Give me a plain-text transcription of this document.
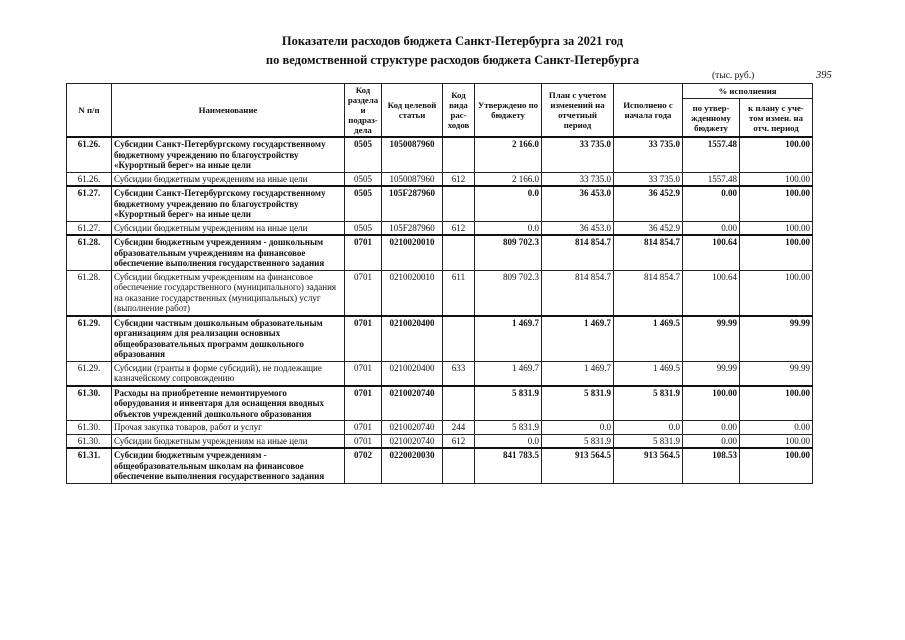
Показатели расходов бюджета Санкт-Петербурга за 2021 год
по ведомственной структуре расходов бюджета Санкт-Петербурга
(тыс. руб.)	395
N п/п	Наименование	Код раздела и подраз-дела	Код целевой статьи	Код вида рас-ходов	Утверждено по бюджету	План с учетом изменений на отчетный период	Исполнено с начала года	% исполнения	
								по утвер-жденному бюджету	к плану с уче-том измен. на отч. период
61.26.	Субсидии Санкт-Петербургскому государственному бюджетному учреждению по благоустройству «Курортный берег» на иные цели	0505	1050087960		2 166.0	33 735.0	33 735.0	1557.48	100.00
61.26.	Субсидии бюджетным учреждениям на иные цели	0505	1050087960	612	2 166.0	33 735.0	33 735.0	1557.48	100.00
61.27.	Субсидии Санкт-Петербургскому государственному бюджетному учреждению по благоустройству «Курортный берег» на иные цели	0505	105F287960		0.0	36 453.0	36 452.9	0.00	100.00
61.27.	Субсидии бюджетным учреждениям на иные цели	0505	105F287960	612	0.0	36 453.0	36 452.9	0.00	100.00
61.28.	Субсидии бюджетным учреждениям - дошкольным образовательным учреждениям на финансовое обеспечение выполнения государственного задания	0701	0210020010		809 702.3	814 854.7	814 854.7	100.64	100.00
61.28.	Субсидии бюджетным учреждениям на финансовое обеспечение государственного (муниципального) задания на оказание государственных (муниципальных) услуг (выполнение работ)	0701	0210020010	611	809 702.3	814 854.7	814 854.7	100.64	100.00
61.29.	Субсидии частным дошкольным образовательным организациям для реализации основных общеобразовательных программ дошкольного образования	0701	0210020400		1 469.7	1 469.7	1 469.5	99.99	99.99
61.29.	Субсидии (гранты в форме субсидий), не подлежащие казначейскому сопровождению	0701	0210020400	633	1 469.7	1 469.7	1 469.5	99.99	99.99
61.30.	Расходы на приобретение немонтируемого оборудования и инвентаря для оснащения вводных объектов учреждений дошкольного образования	0701	0210020740		5 831.9	5 831.9	5 831.9	100.00	100.00
61.30.	Прочая закупка товаров, работ и услуг	0701	0210020740	244	5 831.9	0.0	0.0	0.00	0.00
61.30.	Субсидии бюджетным учреждениям на иные цели	0701	0210020740	612	0.0	5 831.9	5 831.9	0.00	100.00
61.31.	Субсидии бюджетным учреждениям - общеобразовательным школам на финансовое обеспечение выполнения государственного задания	0702	0220020030		841 783.5	913 564.5	913 564.5	108.53	100.00
